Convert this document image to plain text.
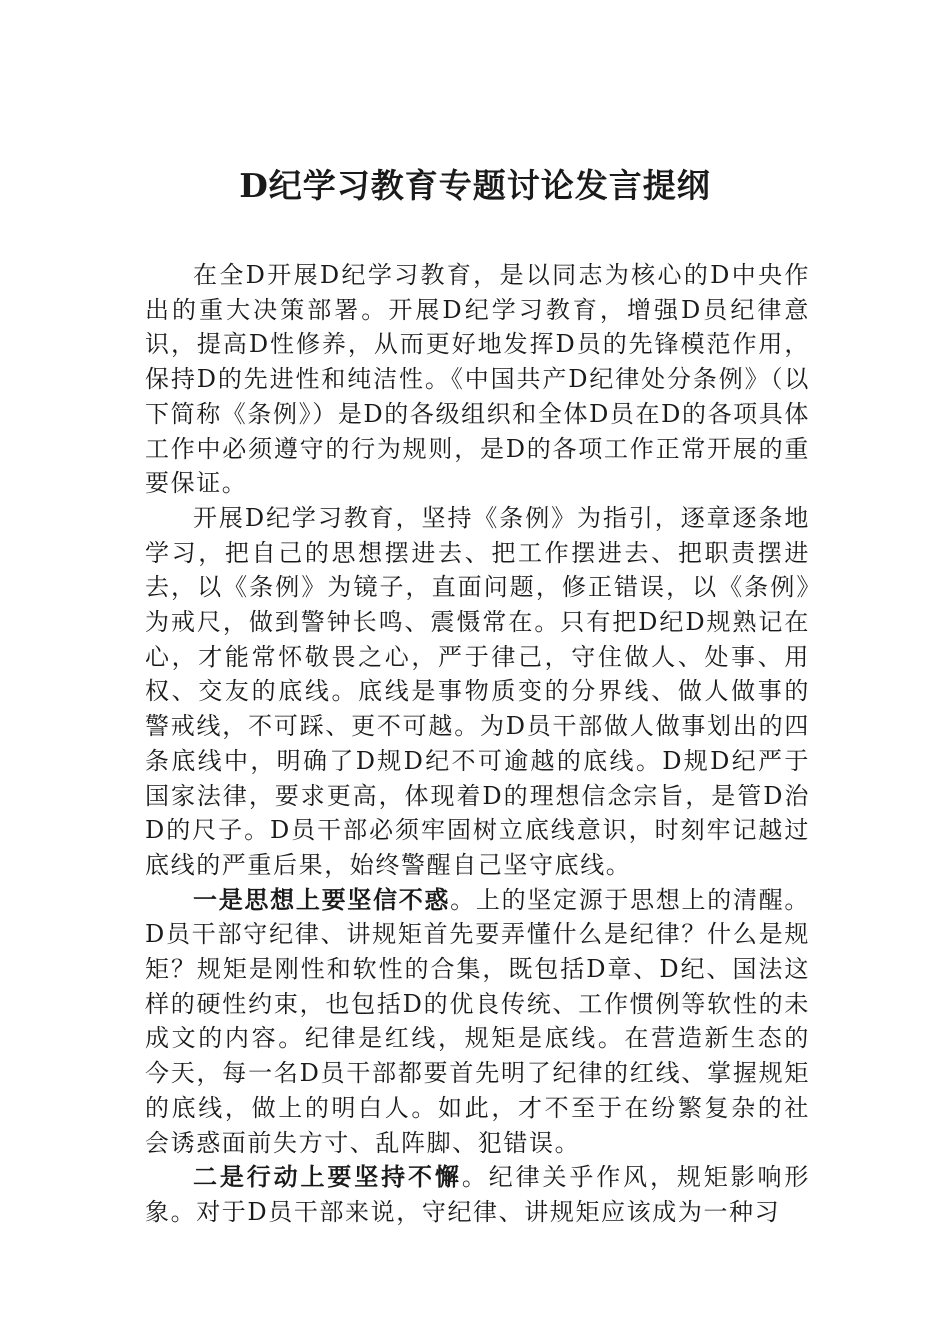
D纪学习教育专题讨论发言提纲

在全D开展D纪学习教育，是以同志为核心的D中央作出的重大决策部署。开展D纪学习教育，增强D员纪律意识，提高D性修养，从而更好地发挥D员的先锋模范作用，保持D的先进性和纯洁性。《中国共产D纪律处分条例》（以下简称《条例》）是D的各级组织和全体D员在D的各项具体工作中必须遵守的行为规则，是D的各项工作正常开展的重要保证。

开展D纪学习教育，坚持《条例》为指引，逐章逐条地学习，把自己的思想摆进去、把工作摆进去、把职责摆进去，以《条例》为镜子，直面问题，修正错误，以《条例》为戒尺，做到警钟长鸣、震慑常在。只有把D纪D规熟记在心，才能常怀敬畏之心，严于律己，守住做人、处事、用权、交友的底线。底线是事物质变的分界线、做人做事的警戒线，不可踩、更不可越。为D员干部做人做事划出的四条底线中，明确了D规D纪不可逾越的底线。D规D纪严于国家法律，要求更高，体现着D的理想信念宗旨，是管D治D的尺子。D员干部必须牢固树立底线意识，时刻牢记越过底线的严重后果，始终警醒自己坚守底线。

一是思想上要坚信不惑。上的坚定源于思想上的清醒。D员干部守纪律、讲规矩首先要弄懂什么是纪律？什么是规矩？规矩是刚性和软性的合集，既包括D章、D纪、国法这样的硬性约束，也包括D的优良传统、工作惯例等软性的未成文的内容。纪律是红线，规矩是底线。在营造新生态的今天，每一名D员干部都要首先明了纪律的红线、掌握规矩的底线，做上的明白人。如此，才不至于在纷繁复杂的社会诱惑面前失方寸、乱阵脚、犯错误。

二是行动上要坚持不懈。纪律关乎作风，规矩影响形象。对于D员干部来说，守纪律、讲规矩应该成为一种习
